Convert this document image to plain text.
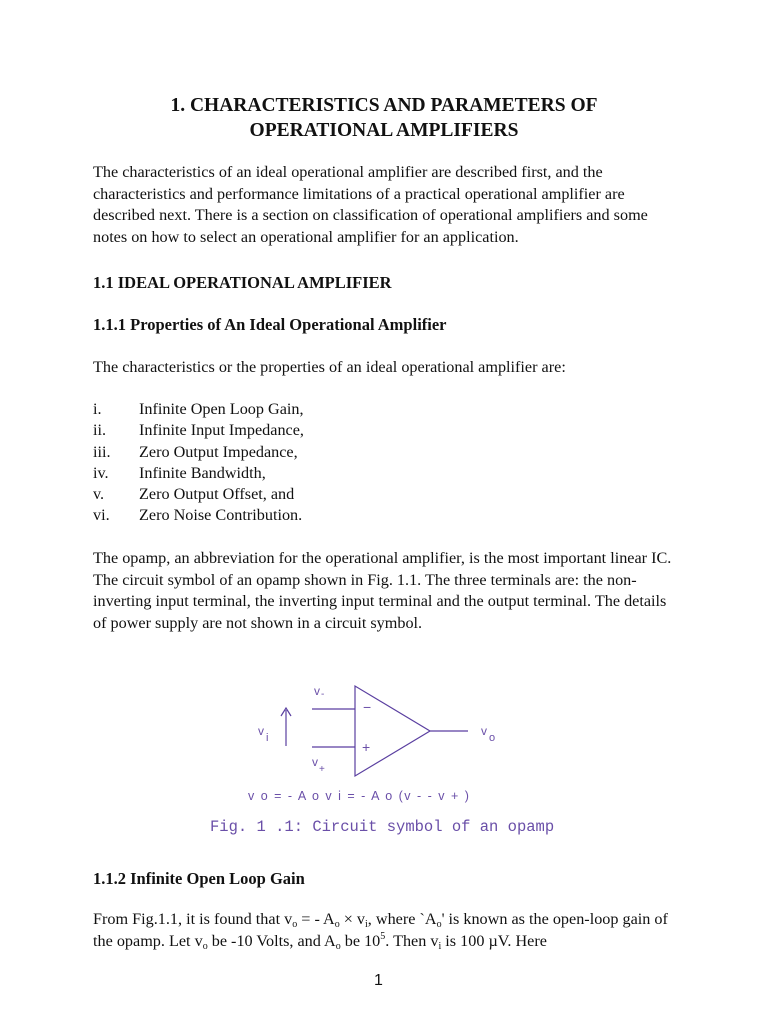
1. CHARACTERISTICS AND PARAMETERS OF
OPERATIONAL AMPLIFIERS

The characteristics of an ideal operational amplifier are described first, and the characteristics and performance limitations of a practical operational amplifier are described next. There is a section on classification of operational amplifiers and some notes on how to select an operational amplifier for an application.

1.1 IDEAL OPERATIONAL AMPLIFIER
1.1.1 Properties of An Ideal Operational Amplifier

The characteristics or the properties of an ideal operational amplifier are:

i.	Infinite Open Loop Gain,
ii.	Infinite Input Impedance,
iii.	Zero Output Impedance,
iv.	Infinite Bandwidth,
v.	Zero Output Offset, and
vi.	Zero Noise Contribution.

The opamp, an abbreviation for the operational amplifier, is the most important linear IC. The circuit symbol of an opamp shown in Fig. 1.1. The three terminals are: the non-inverting input terminal, the inverting input terminal and the output terminal. The details of power supply are not shown in a circuit symbol.

−
+
v-
$v_+$
v i	v o
v o = - A o v i = - A o (v - - v + )
Fig. 1 .1: Circuit symbol of an opamp
1.1.2 Infinite Open Loop Gain

From Fig.1.1, it is found that $v_o$ = - $A_o \times v_i$, where $`A_o'$ is known as the open-loop gain of the opamp. Let $v_o$ be -10 Volts, and $A_o$ be $10^5$. Then $v_i$ is 100 µV. Here

1
